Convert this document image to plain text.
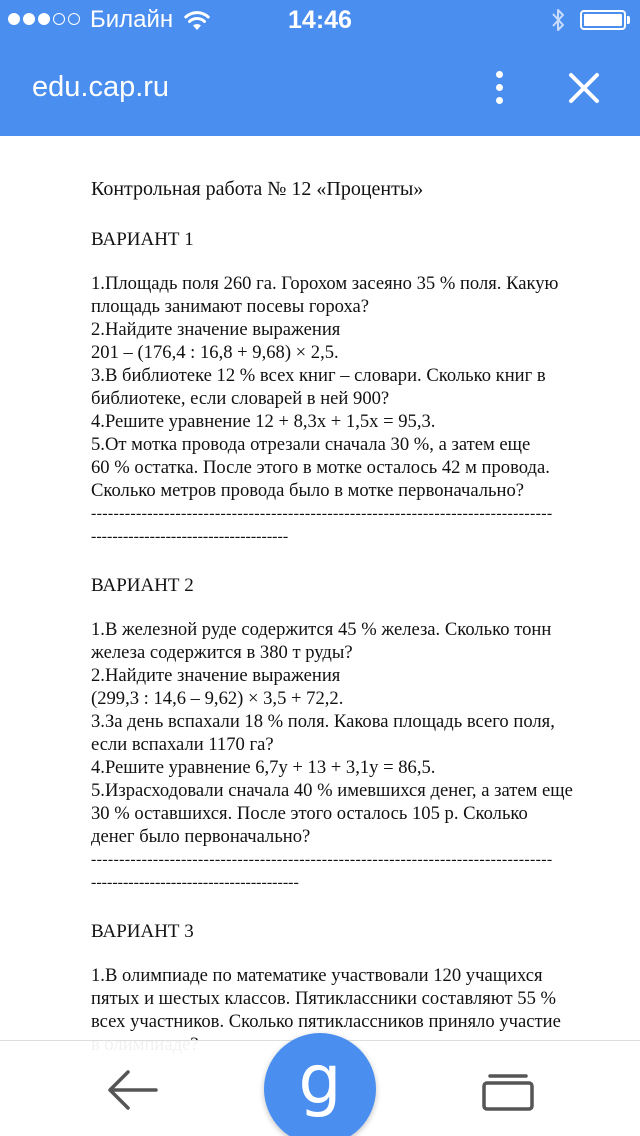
Билайн	14:46
edu.cap.ru
Контрольная работа № 12 «Проценты»
ВАРИАНТ 1

1.Площадь поля 260 га. Горохом засеяно 35 % поля. Какую

площадь занимают посевы гороха?

2.Найдите значение выражения

201 – (176,4 : 16,8 + 9,68) × 2,5.

3.В библиотеке 12 % всех книг – словари. Сколько книг в

библиотеке, если словарей в ней 900?

4.Решите уравнение 12 + 8,3х + 1,5х = 95,3.

5.От мотка провода отрезали сначала 30 %, а затем еще

60 % остатка. После этого в мотке осталось 42 м провода.

Сколько метров провода было в мотке первоначально?

----------------------------------------------------------------------------------
-------------------------------------
ВАРИАНТ 2

1.В железной руде содержится 45 % железа. Сколько тонн

железа содержится в 380 т руды?

2.Найдите значение выражения

(299,3 : 14,6 – 9,62) × 3,5 + 72,2.

3.За день вспахали 18 % поля. Какова площадь всего поля,

если вспахали 1170 га?

4.Решите уравнение 6,7у + 13 + 3,1у = 86,5.

5.Израсходовали сначала 40 % имевшихся денег, а затем еще

30 % оставшихся. После этого осталось 105 р. Сколько

денег было первоначально?

----------------------------------------------------------------------------------
---------------------------------------
ВАРИАНТ 3

1.В олимпиаде по математике участвовали 120 учащихся

пятых и шестых классов. Пятиклассники составляют 55 %

всех участников. Сколько пятиклассников приняло участие

g
